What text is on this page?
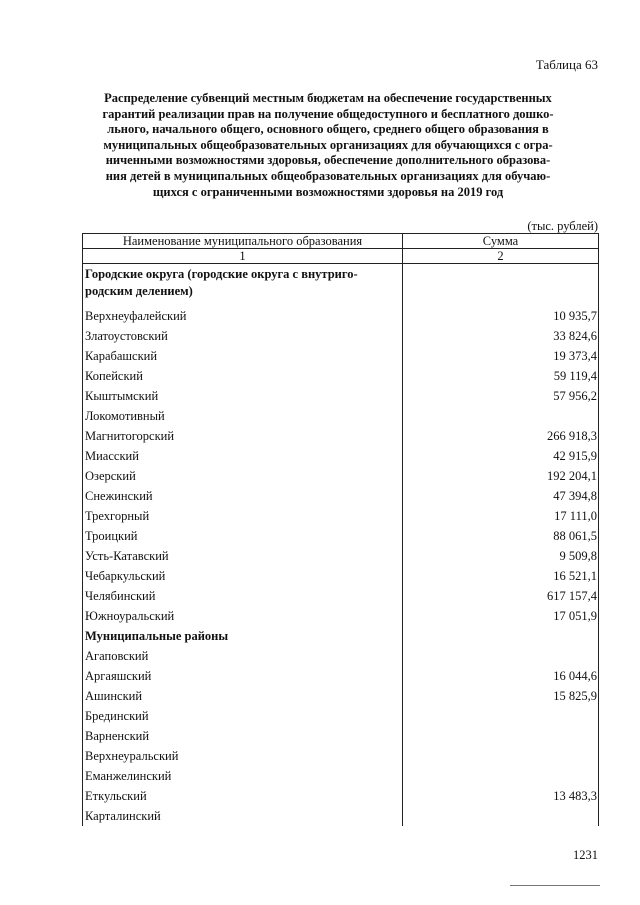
Таблица 63
Распределение субвенций местным бюджетам на обеспечение государственных
гарантий реализации прав на получение общедоступного и бесплатного дошко-
льного, начального общего, основного общего, среднего общего образования в
муниципальных общеобразовательных организациях для обучающихся с огра-
ниченными возможностями здоровья, обеспечение дополнительного образова-
ния детей в муниципальных общеобразовательных организациях для обучаю-
щихся с ограниченными возможностями здоровья на 2019 год
(тыс. рублей)
Наименование муниципального образования	Сумма
1	2

Городские округа (городские округа с внутриго-
родским делением)	

Верхнеуфалейский	10 935,7
Златоустовский	33 824,6
Карабашский	19 373,4
Копейский	59 119,4
Кыштымский	57 956,2
Локомотивный	
Магнитогорский	266 918,3
Миасский	42 915,9
Озерский	192 204,1
Снежинский	47 394,8
Трехгорный	17 111,0
Троицкий	88 061,5
Усть-Катавский	9 509,8
Чебаркульский	16 521,1
Челябинский	617 157,4
Южноуральский	17 051,9

Муниципальные районы	

Агаповский	
Аргаяшский	16 044,6
Ашинский	15 825,9
Брединский	
Варненский	
Верхнеуральский	
Еманжелинский	
Еткульский	13 483,3
Карталинский	
1231
